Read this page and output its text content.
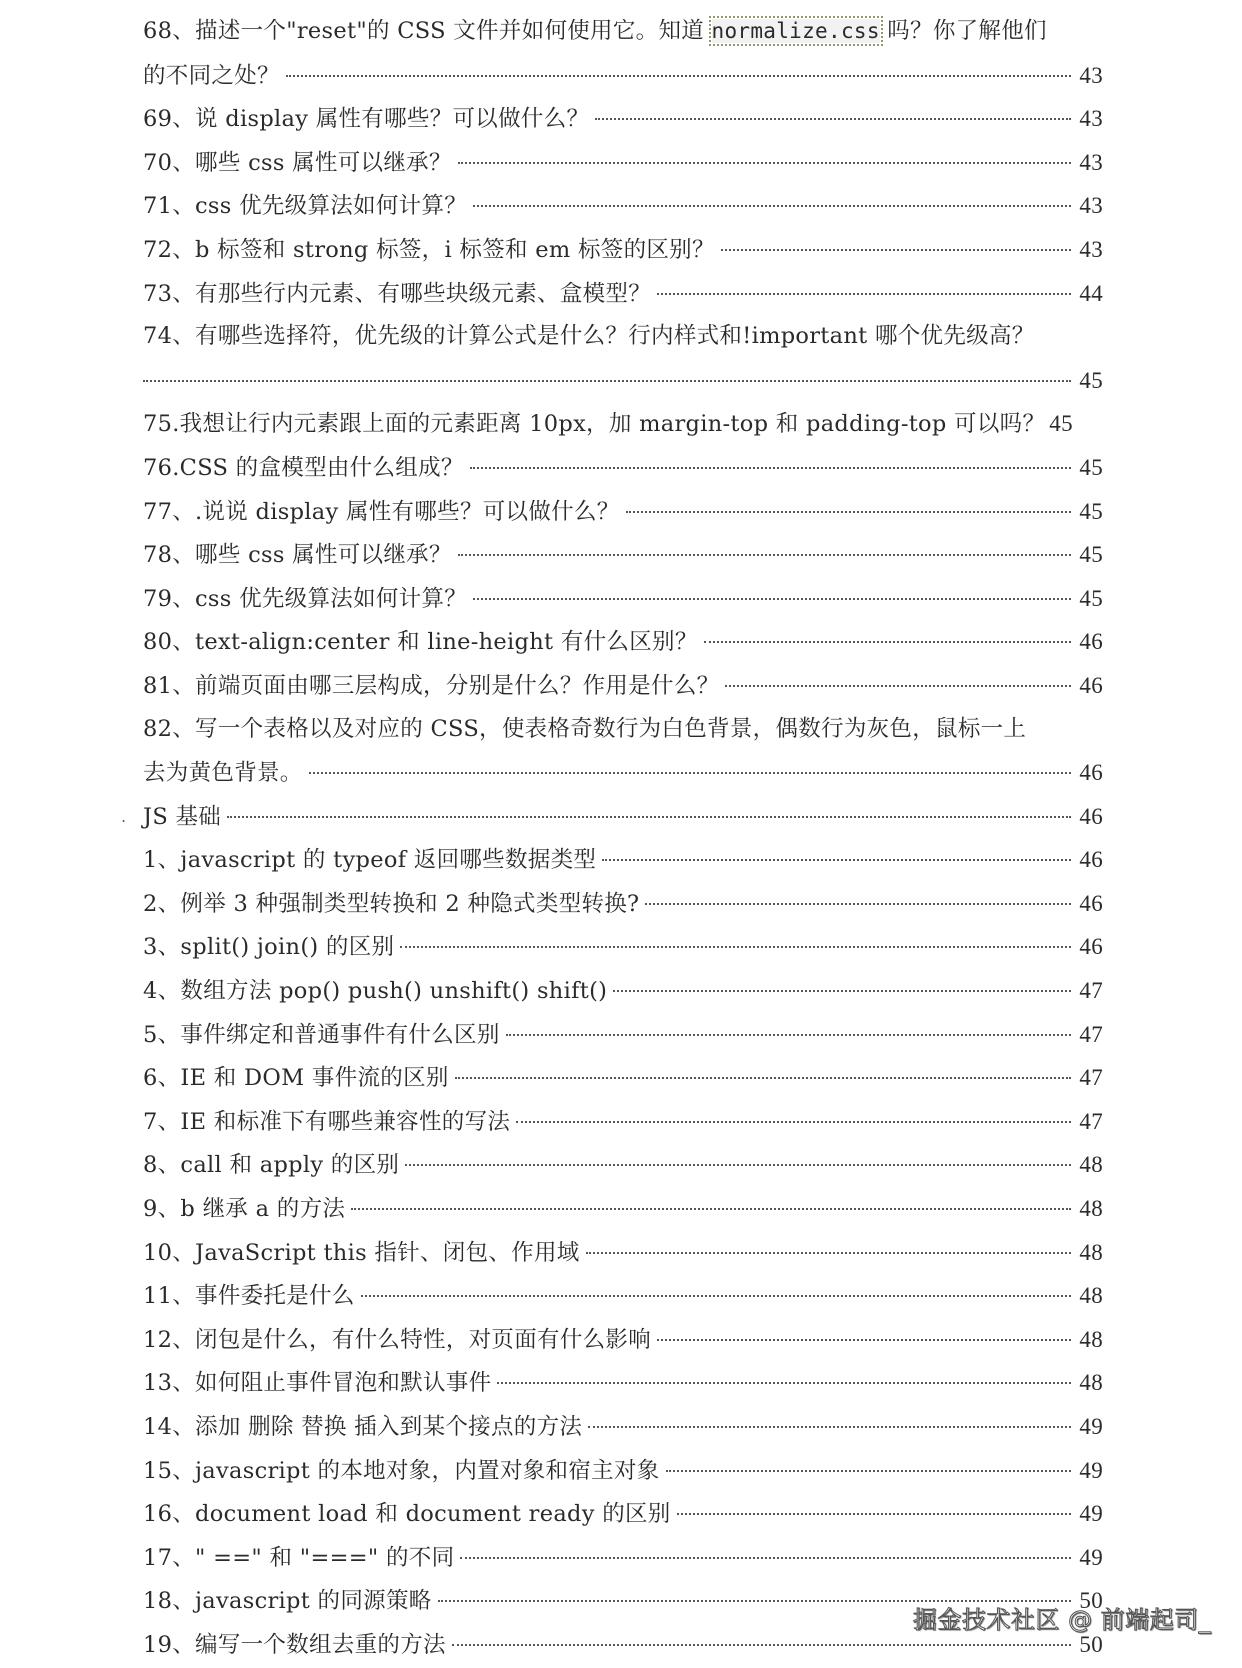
68、描述一个"reset"的 CSS 文件并如何使用它。知道 normalize.css 吗？你了解他们
的不同之处？	43
69、说 display 属性有哪些？可以做什么？	43
70、哪些 css 属性可以继承？	43
71、css 优先级算法如何计算？	43
72、b 标签和 strong 标签，i 标签和 em 标签的区别？	43
73、有那些行内元素、有哪些块级元素、盒模型？	44
74、有哪些选择符，优先级的计算公式是什么？行内样式和!important 哪个优先级高？
45
75.我想让行内元素跟上面的元素距离 10px，加 margin-top 和 padding-top 可以吗？ 45
76.CSS 的盒模型由什么组成？	45
77、.说说 display 属性有哪些？可以做什么？	45
78、哪些 css 属性可以继承？	45
79、css 优先级算法如何计算？	45
80、text-align:center 和 line-height 有什么区别？	46
81、前端页面由哪三层构成，分别是什么？作用是什么？	46
82、写一个表格以及对应的 CSS，使表格奇数行为白色背景，偶数行为灰色，鼠标一上
去为黄色背景。	46
. JS 基础	46
1、javascript 的 typeof 返回哪些数据类型	46
2、例举 3 种强制类型转换和 2 种隐式类型转换?	46
3、split() join() 的区别	46
4、数组方法 pop() push() unshift() shift()	47
5、事件绑定和普通事件有什么区别	47
6、IE 和 DOM 事件流的区别	47
7、IE 和标准下有哪些兼容性的写法	47
8、call 和 apply 的区别	48
9、b 继承 a 的方法	48
10、JavaScript this 指针、闭包、作用域	48
11、事件委托是什么	48
12、闭包是什么，有什么特性，对页面有什么影响	48
13、如何阻止事件冒泡和默认事件	48
14、添加 删除 替换 插入到某个接点的方法	49
15、javascript 的本地对象，内置对象和宿主对象	49
16、document load 和 document ready 的区别	49
17、" ==" 和 "===" 的不同	49
18、javascript 的同源策略	50
19、编写一个数组去重的方法	50
掘金技术社区 @ 前端起司_
